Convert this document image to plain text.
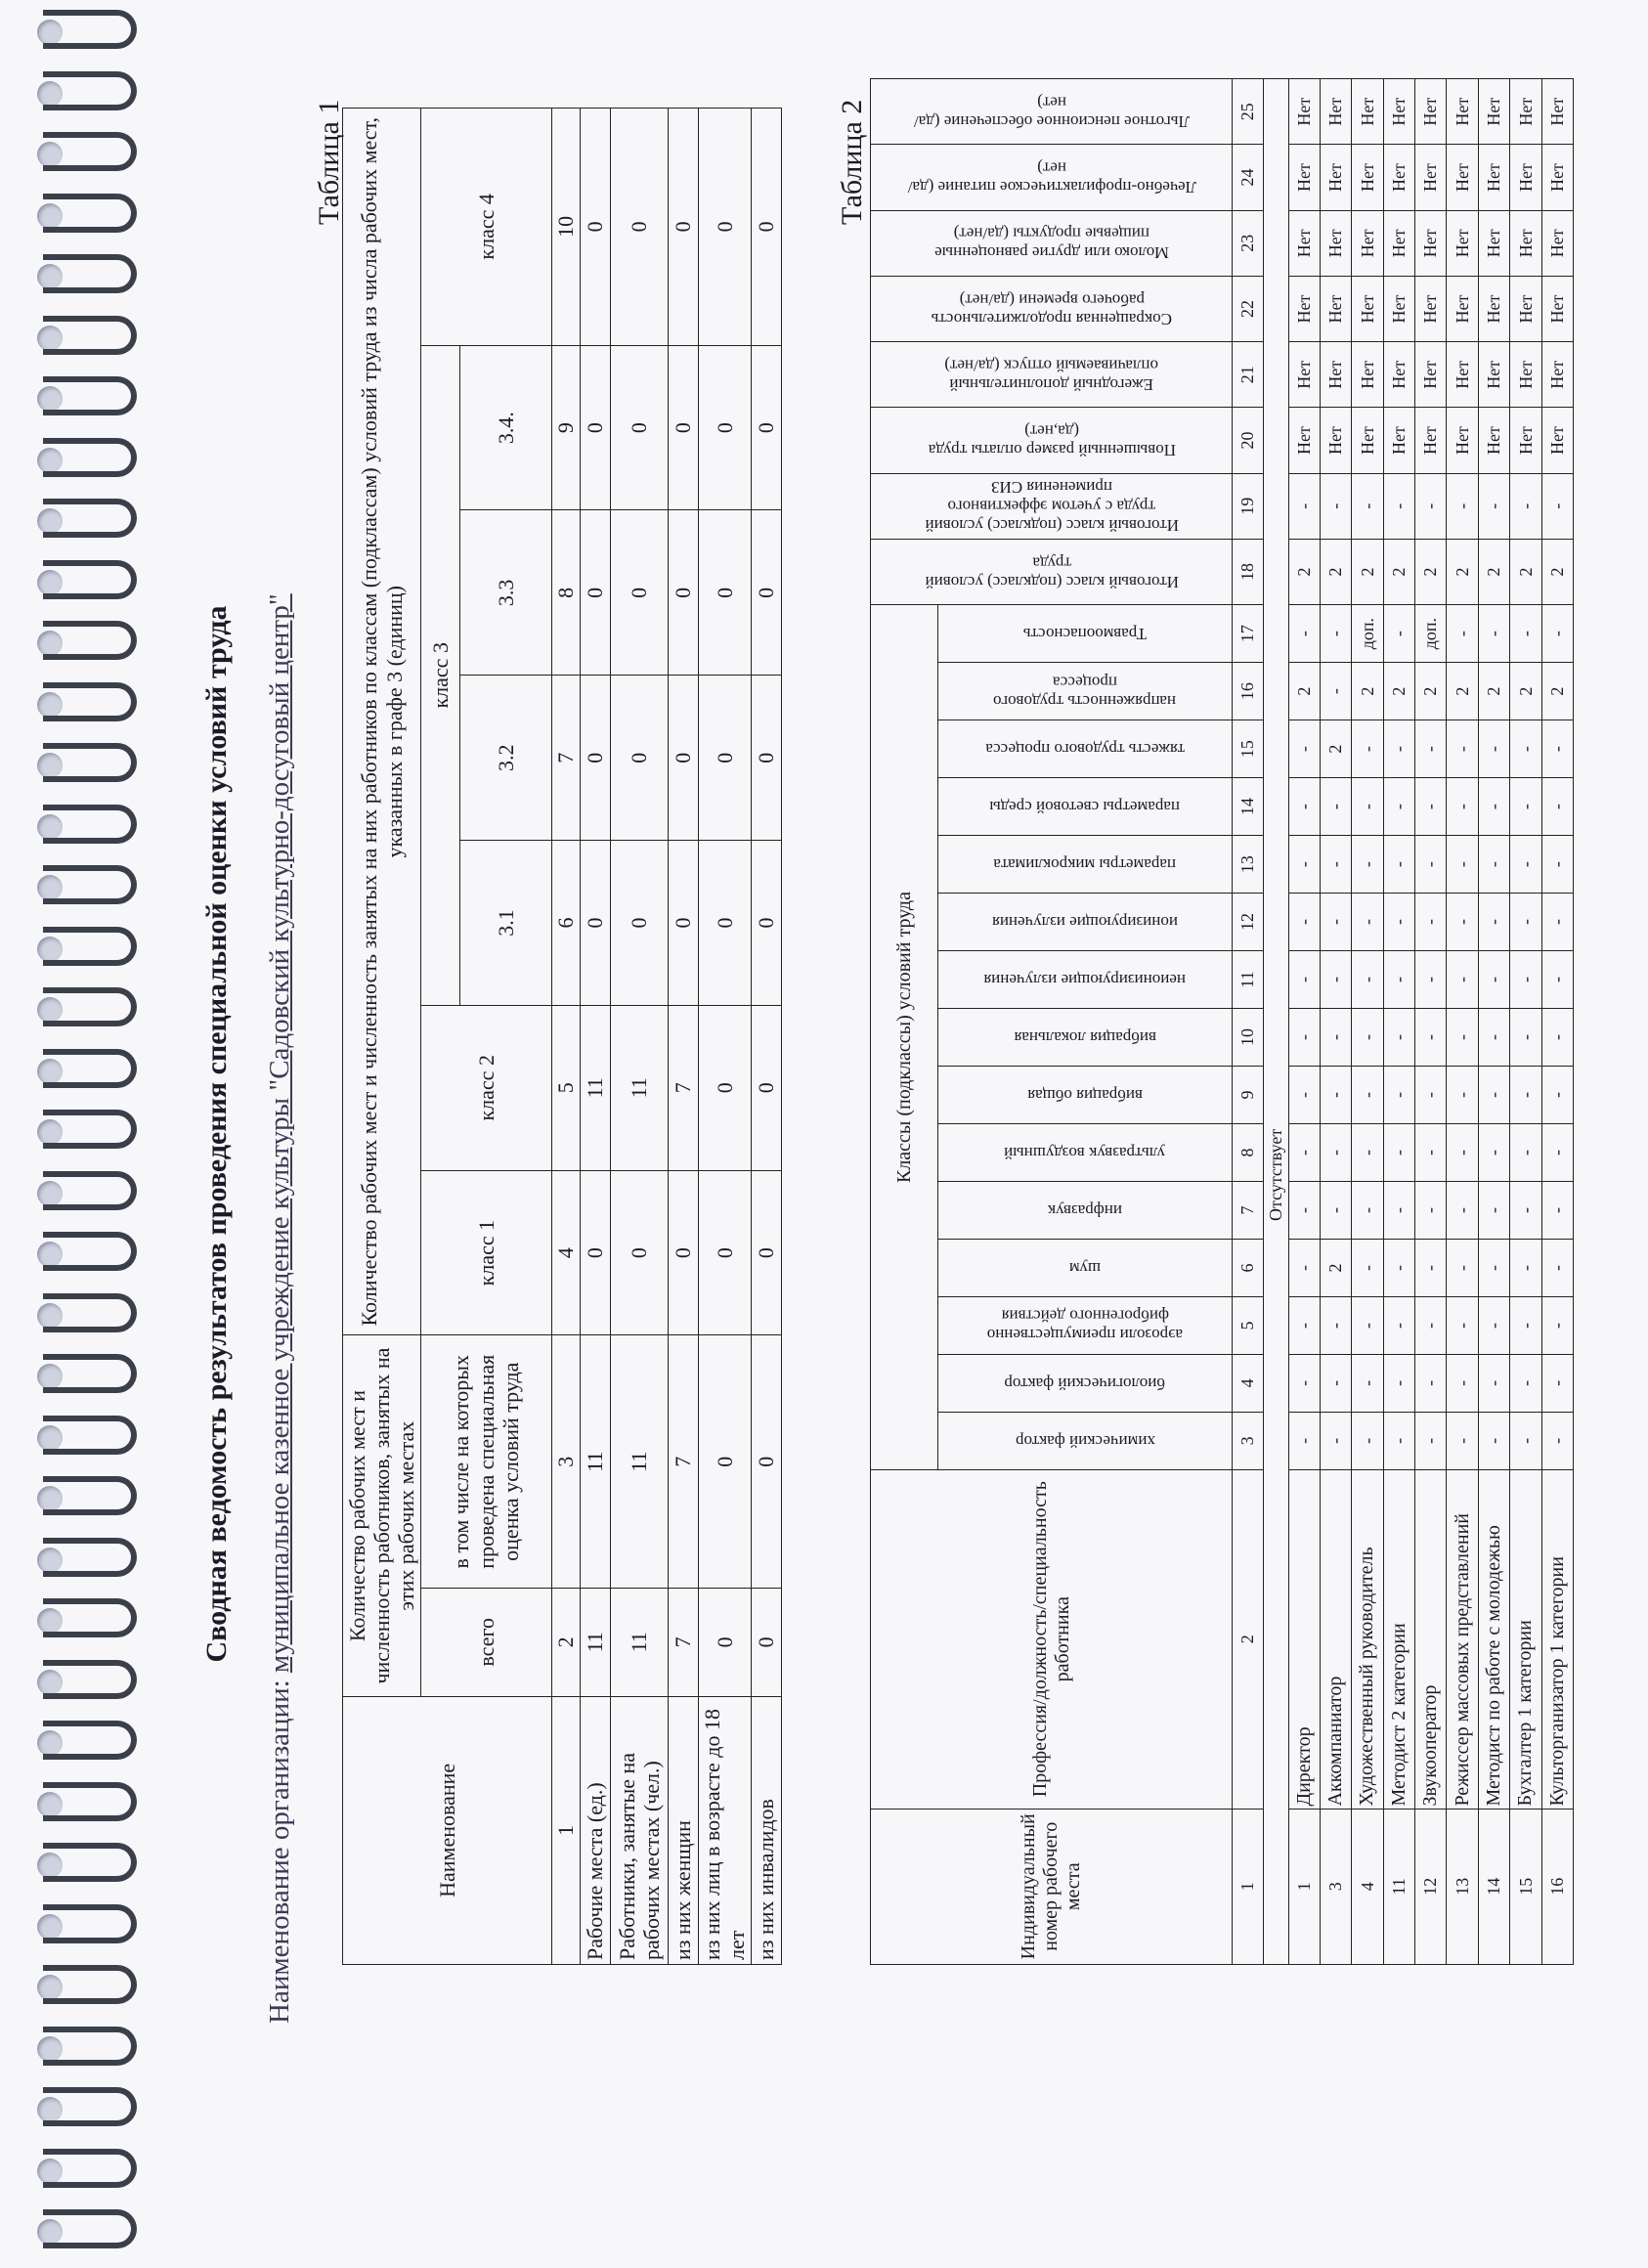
Сводная ведомость результатов проведения специальной оценки условий труда
Наименование организации: муниципальное казенное учреждение культуры "Садовский культурно-досуговый центр"
Таблица 1
Наименование	Количество рабочих мест и численность работников, занятых на этих рабочих местах		Количество рабочих мест и численность занятых на них работников по классам (подклассам) условий труда из числа рабочих мест, указанных в графе 3 (единиц)						
	всего	в том числе на которых проведена специальная оценка условий труда	класс 1	класс 2	класс 3				класс 4
					3.1	3.2	3.3	3.4.	
1	2	3	4	5	6	7	8	9	10
Рабочие места (ед.)	11	11	0	11	0	0	0	0	0
Работники, занятые на рабочих местах (чел.)	11	11	0	11	0	0	0	0	0
из них женщин	7	7	0	7	0	0	0	0	0
из них лиц в возрасте до 18 лет	0	0	0	0	0	0	0	0	0
из них инвалидов	0	0	0	0	0	0	0	0	0
Таблица 2
Индивидуальный номер рабочего места	Профессия/должность/специальность работника	Классы (подклассы) условий труда															Итоговый класс (подкласс) условий труда	Итоговый класс (подкласс) условий труда с учетом эффективного применения СИЗ	Повышенный размер оплаты труда (да,нет)	Ежегодный дополнительный оплачиваемый отпуск (да/нет)	Сокращенная продолжительность рабочего времени (да/нет)	Молоко или другие равноценные пищевые продукты (да/нет)	Лечебно-профилактическое питание (да/нет)	Льготное пенсионное обеспечение (да/нет)

		химический фактор	биологический фактор	аэрозоли преимущественно фиброгенного действия	шум	инфразвук	ультразвук воздушный	вибрация общая	вибрация локальная	неионизирующие излучения	ионизирующие излучения	параметры микроклимата	параметры световой среды	тяжесть трудового процесса	напряженность трудового процесса	Травмоопасность								

1	2	3	4	5	6	7	8	9	10	11	12	13	14	15	16	17	18	19	20	21	22	23	24	25
Отсутствует																								
1	Директор	-	-	-	-	-	-	-	-	-	-	-	-	-	2	-	2	-	Нет	Нет	Нет	Нет	Нет	Нет
3	Аккомпаниатор	-	-	-	2	-	-	-	-	-	-	-	-	2	-	-	2	-	Нет	Нет	Нет	Нет	Нет	Нет
4	Художественный руководитель	-	-	-	-	-	-	-	-	-	-	-	-	-	2	доп.	2	-	Нет	Нет	Нет	Нет	Нет	Нет
11	Методист 2 категории	-	-	-	-	-	-	-	-	-	-	-	-	-	2	-	2	-	Нет	Нет	Нет	Нет	Нет	Нет
12	Звукооператор	-	-	-	-	-	-	-	-	-	-	-	-	-	2	доп.	2	-	Нет	Нет	Нет	Нет	Нет	Нет
13	Режиссер массовых представлений	-	-	-	-	-	-	-	-	-	-	-	-	-	2	-	2	-	Нет	Нет	Нет	Нет	Нет	Нет
14	Методист по работе с молодежью	-	-	-	-	-	-	-	-	-	-	-	-	-	2	-	2	-	Нет	Нет	Нет	Нет	Нет	Нет
15	Бухгалтер 1 категории	-	-	-	-	-	-	-	-	-	-	-	-	-	2	-	2	-	Нет	Нет	Нет	Нет	Нет	Нет
16	Культорганизатор 1 категории	-	-	-	-	-	-	-	-	-	-	-	-	-	2	-	2	-	Нет	Нет	Нет	Нет	Нет	Нет
